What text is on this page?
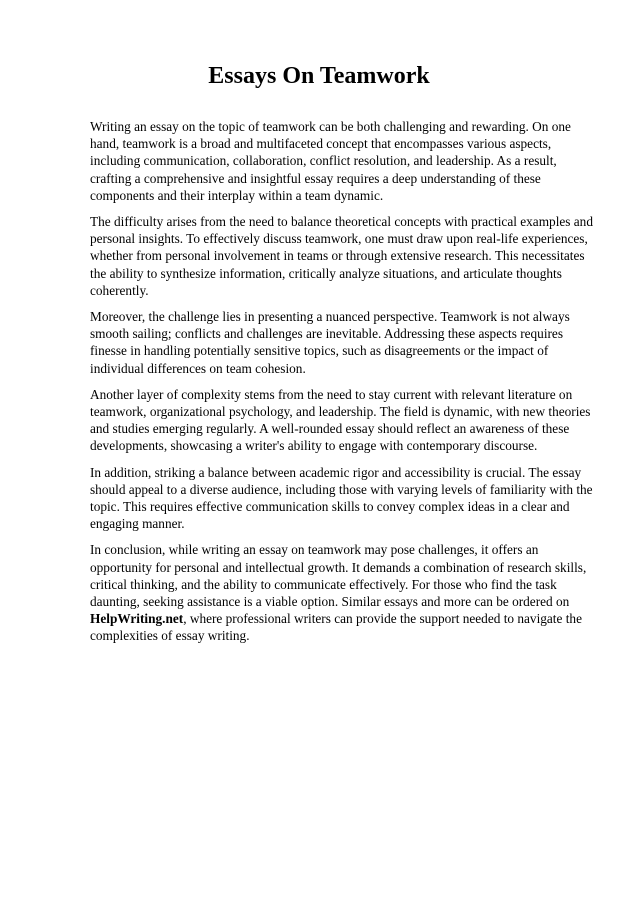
Essays On Teamwork

Writing an essay on the topic of teamwork can be both challenging and rewarding. On one hand, teamwork is a broad and multifaceted concept that encompasses various aspects, including communication, collaboration, conflict resolution, and leadership. As a result, crafting a comprehensive and insightful essay requires a deep understanding of these components and their interplay within a team dynamic.

The difficulty arises from the need to balance theoretical concepts with practical examples and personal insights. To effectively discuss teamwork, one must draw upon real-life experiences, whether from personal involvement in teams or through extensive research. This necessitates the ability to synthesize information, critically analyze situations, and articulate thoughts coherently.

Moreover, the challenge lies in presenting a nuanced perspective. Teamwork is not always smooth sailing; conflicts and challenges are inevitable. Addressing these aspects requires finesse in handling potentially sensitive topics, such as disagreements or the impact of individual differences on team cohesion.

Another layer of complexity stems from the need to stay current with relevant literature on teamwork, organizational psychology, and leadership. The field is dynamic, with new theories and studies emerging regularly. A well-rounded essay should reflect an awareness of these developments, showcasing a writer's ability to engage with contemporary discourse.

In addition, striking a balance between academic rigor and accessibility is crucial. The essay should appeal to a diverse audience, including those with varying levels of familiarity with the topic. This requires effective communication skills to convey complex ideas in a clear and engaging manner.

In conclusion, while writing an essay on teamwork may pose challenges, it offers an opportunity for personal and intellectual growth. It demands a combination of research skills, critical thinking, and the ability to communicate effectively. For those who find the task daunting, seeking assistance is a viable option. Similar essays and more can be ordered on HelpWriting.net, where professional writers can provide the support needed to navigate the complexities of essay writing.
